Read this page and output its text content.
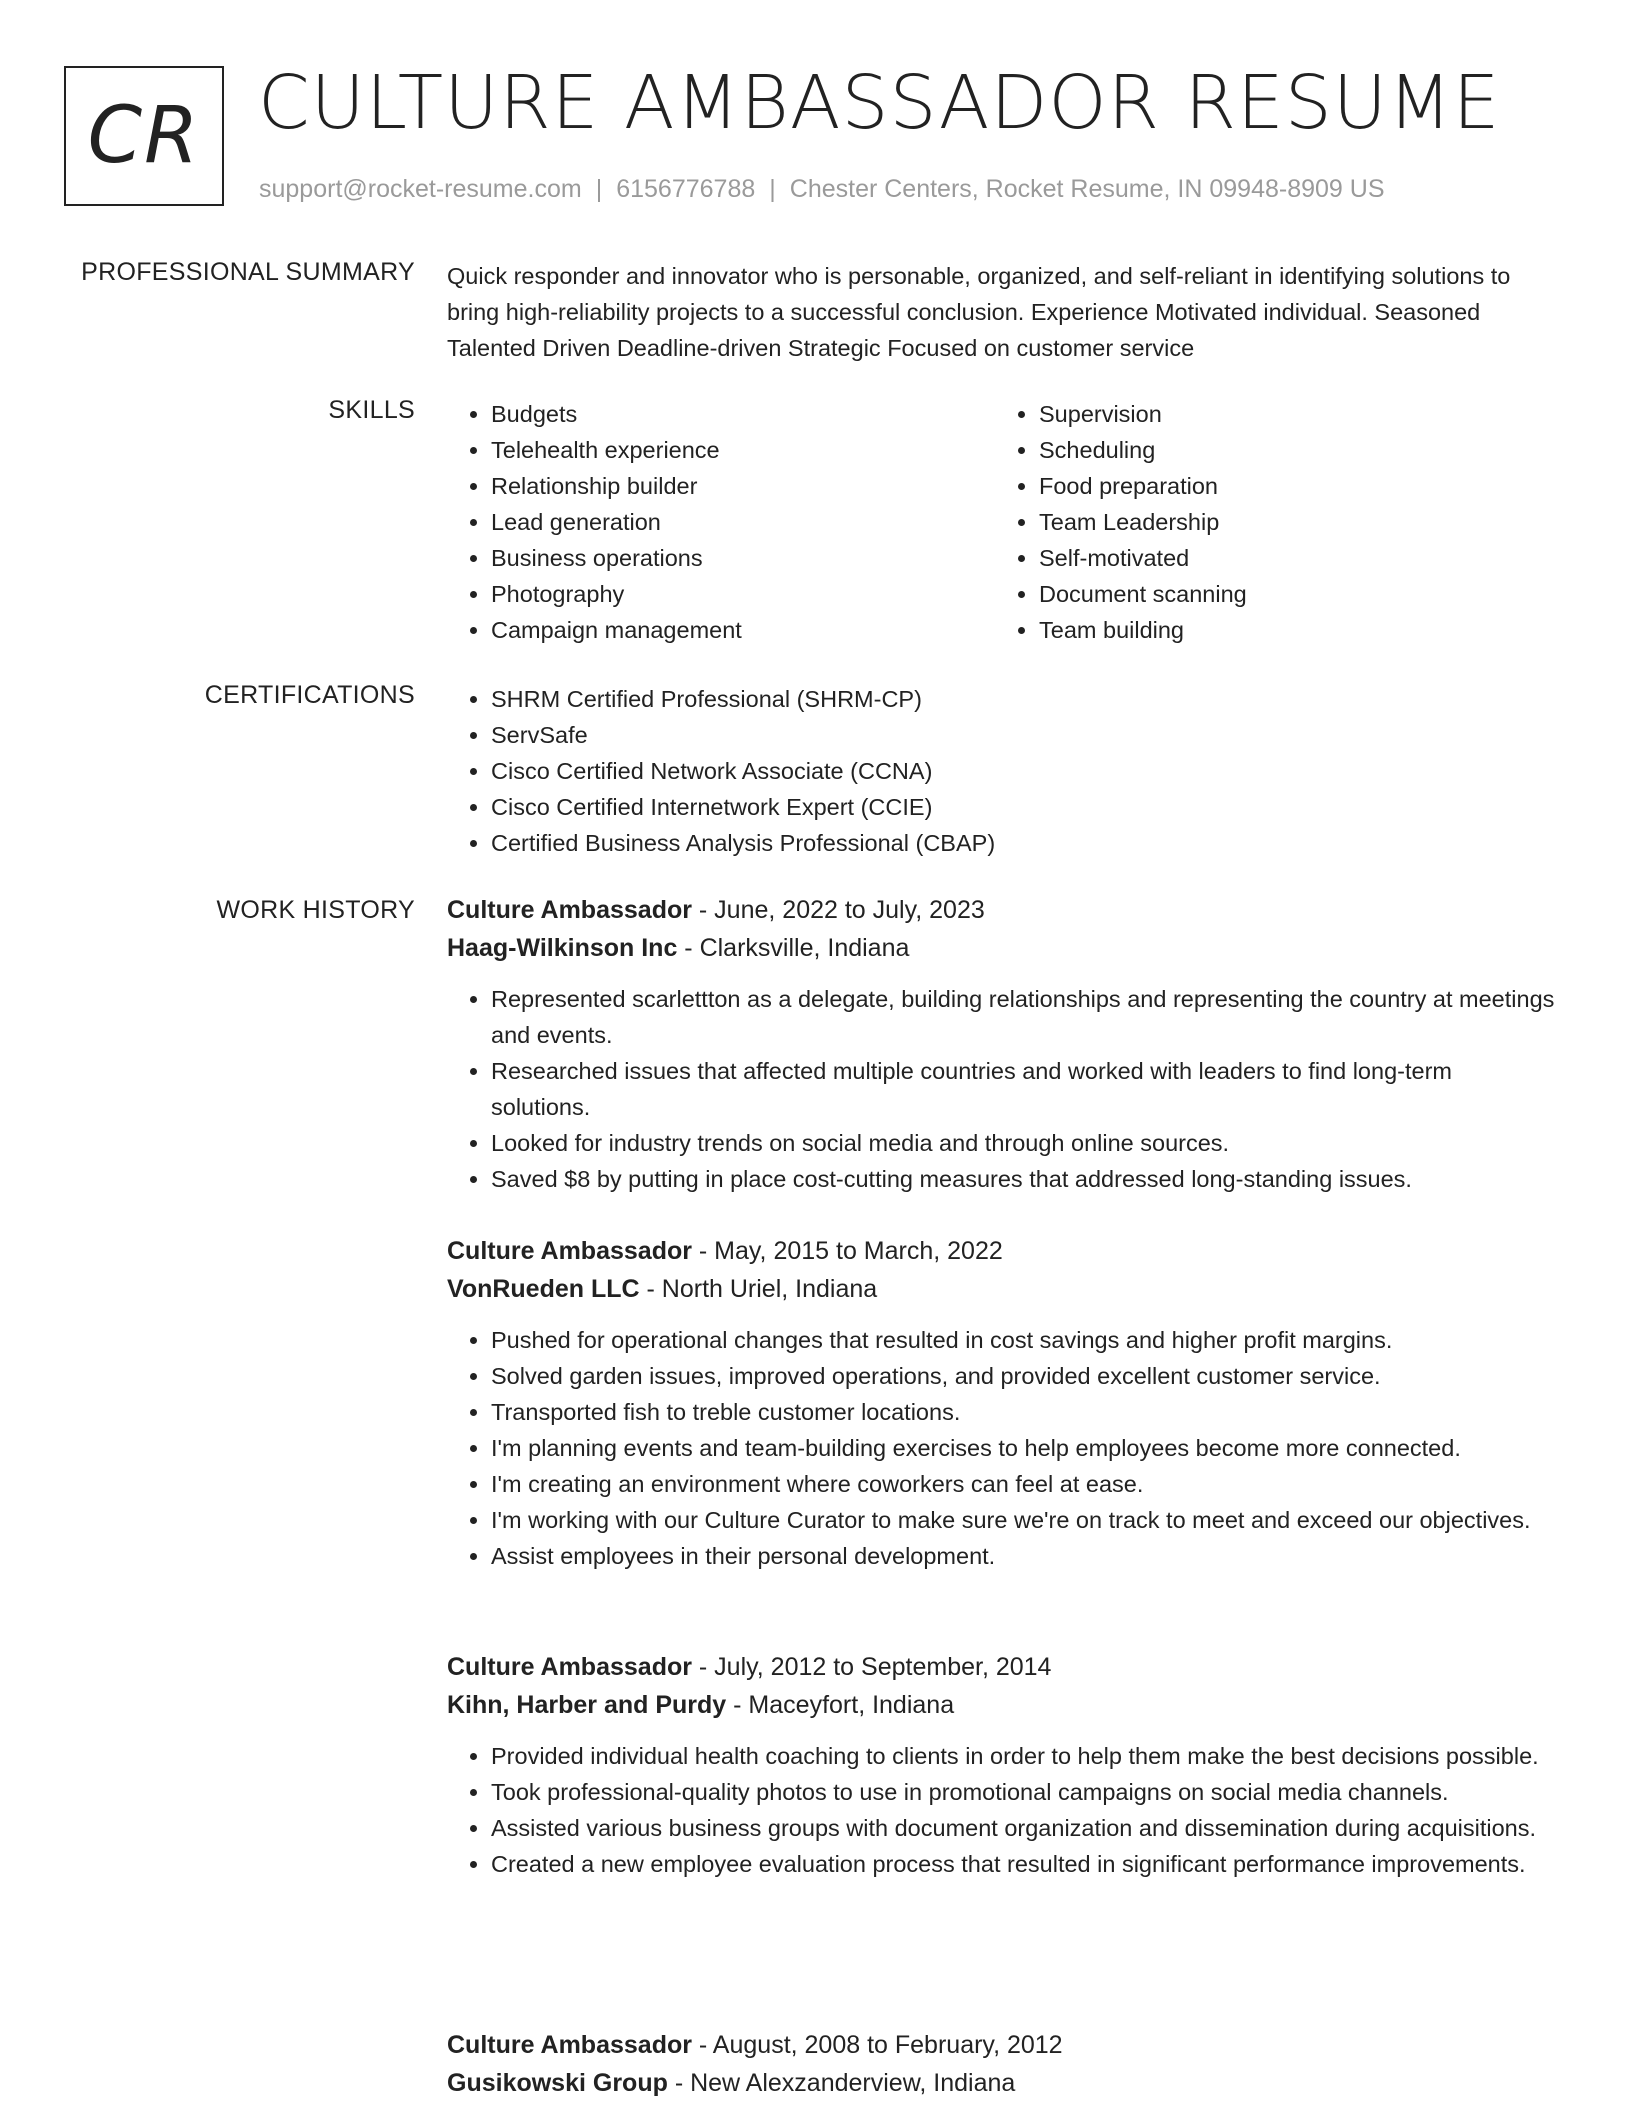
CR CULTURE AMBASSADOR RESUME
support@rocket-resume.com | 6156776788 | Chester Centers, Rocket Resume, IN 09948-8909 US
PROFESSIONAL SUMMARY Quick responder and innovator who is personable, organized, and self-reliant in identifying solutions to bring high-reliability projects to a successful conclusion. Experience Motivated individual. Seasoned Talented Driven Deadline-driven Strategic Focused on customer service
SKILLS	• Budgets
• Telehealth experience
• Relationship builder
• Lead generation
• Business operations
• Photography
• Campaign management
• Supervision
• Scheduling
• Food preparation
• Team Leadership
• Self-motivated
• Document scanning
• Team building
CERTIFICATIONS	• SHRM Certified Professional (SHRM-CP)
• ServSafe
• Cisco Certified Network Associate (CCNA)
• Cisco Certified Internetwork Expert (CCIE)
• Certified Business Analysis Professional (CBAP)
WORK HISTORY Culture Ambassador - June, 2022 to July, 2023
Haag-Wilkinson Inc - Clarksville, Indiana
• Represented scarlettton as a delegate, building relationships and representing the country at meetings and events.
• Researched issues that affected multiple countries and worked with leaders to find long-term solutions.
• Looked for industry trends on social media and through online sources.
• Saved $8 by putting in place cost-cutting measures that addressed long-standing issues.
Culture Ambassador - May, 2015 to March, 2022
VonRueden LLC - North Uriel, Indiana
• Pushed for operational changes that resulted in cost savings and higher profit margins.
• Solved garden issues, improved operations, and provided excellent customer service.
• Transported fish to treble customer locations.
• I'm planning events and team-building exercises to help employees become more connected.
• I'm creating an environment where coworkers can feel at ease.
• I'm working with our Culture Curator to make sure we're on track to meet and exceed our objectives.
• Assist employees in their personal development.
Culture Ambassador - July, 2012 to September, 2014
Kihn, Harber and Purdy - Maceyfort, Indiana
• Provided individual health coaching to clients in order to help them make the best decisions possible.
• Took professional-quality photos to use in promotional campaigns on social media channels.
• Assisted various business groups with document organization and dissemination during acquisitions.
• Created a new employee evaluation process that resulted in significant performance improvements.
Culture Ambassador - August, 2008 to February, 2012
Gusikowski Group - New Alexzanderview, Indiana
